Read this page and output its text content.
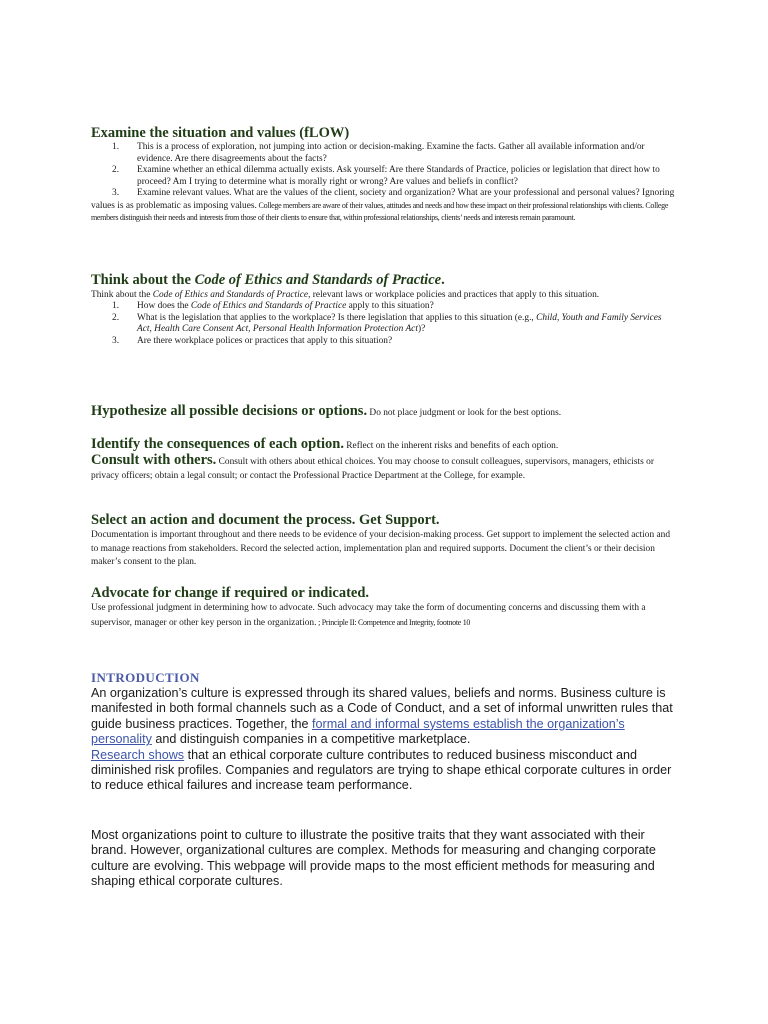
Examine the situation and values (fLOW)
1. This is a process of exploration, not jumping into action or decision-making. Examine the facts. Gather all available information and/or evidence. Are there disagreements about the facts?
2. Examine whether an ethical dilemma actually exists. Ask yourself: Are there Standards of Practice, policies or legislation that direct how to proceed? Am I trying to determine what is morally right or wrong? Are values and beliefs in conflict?
3. Examine relevant values. What are the values of the client, society and organization? What are your professional and personal values? Ignoring values is as problematic as imposing values. College members are aware of their values, attitudes and needs and how these impact on their professional relationships with clients. College members distinguish their needs and interests from those of their clients to ensure that, within professional relationships, clients’ needs and interests remain paramount.
Think about the Code of Ethics and Standards of Practice.

Think about the Code of Ethics and Standards of Practice, relevant laws or workplace policies and practices that apply to this situation.

1. How does the Code of Ethics and Standards of Practice apply to this situation?
2. What is the legislation that applies to the workplace? Is there legislation that applies to this situation (e.g., Child, Youth and Family Services Act, Health Care Consent Act, Personal Health Information Protection Act)?
3. Are there workplace polices or practices that apply to this situation?
Hypothesize all possible decisions or options. Do not place judgment or look for the best options.
Identify the consequences of each option. Reflect on the inherent risks and benefits of each option.

Consult with others. Consult with others about ethical choices. You may choose to consult colleagues, supervisors, managers, ethicists or privacy officers; obtain a legal consult; or contact the Professional Practice Department at the College, for example.

Select an action and document the process. Get Support.

Documentation is important throughout and there needs to be evidence of your decision-making process. Get support to implement the selected action and to manage reactions from stakeholders. Record the selected action, implementation plan and required supports. Document the client’s or their decision maker’s consent to the plan.

Advocate for change if required or indicated.

Use professional judgment in determining how to advocate. Such advocacy may take the form of documenting concerns and discussing them with a supervisor, manager or other key person in the organization. ; Principle II: Competence and Integrity, footnote 10

INTRODUCTION

An organization’s culture is expressed through its shared values, beliefs and norms. Business culture is manifested in both formal channels such as a Code of Conduct, and a set of informal unwritten rules that guide business practices. Together, the formal and informal systems establish the organization’s personality and distinguish companies in a competitive marketplace.
Research shows that an ethical corporate culture contributes to reduced business misconduct and diminished risk profiles. Companies and regulators are trying to shape ethical corporate cultures in order to reduce ethical failures and increase team performance.

Most organizations point to culture to illustrate the positive traits that they want associated with their brand. However, organizational cultures are complex. Methods for measuring and changing corporate culture are evolving. This webpage will provide maps to the most efficient methods for measuring and shaping ethical corporate cultures.
